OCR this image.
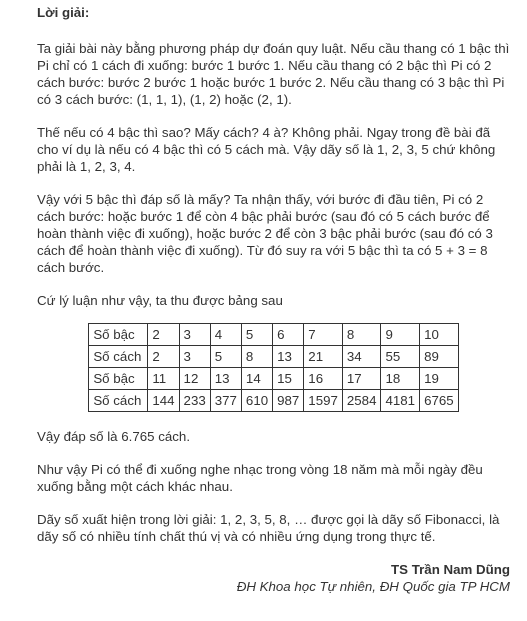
Lời giải:

Ta giải bài này bằng phương pháp dự đoán quy luật. Nếu cầu thang có 1 bậc thì Pi chỉ có 1 cách đi xuống: bước 1 bước 1. Nếu cầu thang có 2 bậc thì Pi có 2 cách bước: bước 2 bước 1 hoặc bước 1 bước 2. Nếu cầu thang có 3 bậc thì Pi có 3 cách bước: (1, 1, 1), (1, 2) hoặc (2, 1).

Thế nếu có 4 bậc thì sao? Mấy cách? 4 à? Không phải. Ngay trong đề bài đã cho ví dụ là nếu có 4 bậc thì có 5 cách mà. Vậy dãy số là 1, 2, 3, 5 chứ không phải là 1, 2, 3, 4.

Vậy với 5 bậc thì đáp số là mấy? Ta nhận thấy, với bước đi đầu tiên, Pi có 2 cách bước: hoặc bước 1 để còn 4 bậc phải bước (sau đó có 5 cách bước để hoàn thành việc đi xuống), hoặc bước 2 để còn 3 bậc phải bước (sau đó có 3 cách để hoàn thành việc đi xuống). Từ đó suy ra với 5 bậc thì ta có 5 + 3 = 8 cách bước.

Cứ lý luận như vậy, ta thu được bảng sau

Số bậc	2	3	4	5	6	7	8	9	10
Số cách	2	3	5	8	13	21	34	55	89
Số bậc	11	12	13	14	15	16	17	18	19
Số cách	144	233	377	610	987	1597	2584	4181	6765

Vậy đáp số là 6.765 cách.

Như vậy Pi có thể đi xuống nghe nhạc trong vòng 18 năm mà mỗi ngày đều xuống bằng một cách khác nhau.

Dãy số xuất hiện trong lời giải: 1, 2, 3, 5, 8, … được gọi là dãy số Fibonacci, là dãy số có nhiều tính chất thú vị và có nhiều ứng dụng trong thực tế.

TS Trần Nam Dũng
ĐH Khoa học Tự nhiên, ĐH Quốc gia TP HCM
